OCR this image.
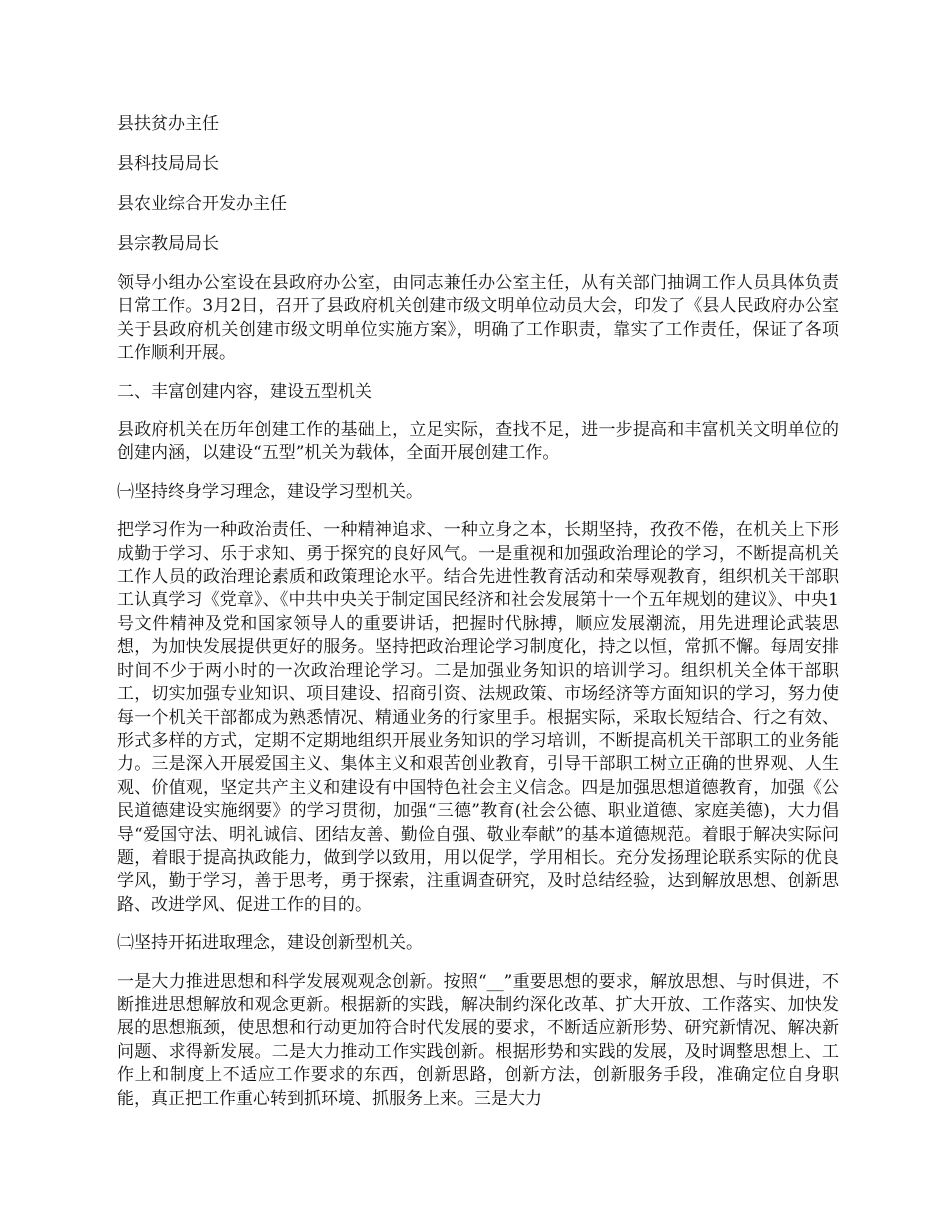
县扶贫办主任
县科技局局长
县农业综合开发办主任
县宗教局局长

领导小组办公室设在县政府办公室，由同志兼任办公室主任，从有关部门抽调工作人员具体负责日常工作。3月2日，召开了县政府机关创建市级文明单位动员大会，印发了《县人民政府办公室关于县政府机关创建市级文明单位实施方案》，明确了工作职责，靠实了工作责任，保证了各项工作顺利开展。

二、丰富创建内容，建设五型机关

县政府机关在历年创建工作的基础上，立足实际，查找不足，进一步提高和丰富机关文明单位的创建内涵，以建设“五型”机关为载体，全面开展创建工作。

㈠坚持终身学习理念，建设学习型机关。

把学习作为一种政治责任、一种精神追求、一种立身之本，长期坚持，孜孜不倦，在机关上下形成勤于学习、乐于求知、勇于探究的良好风气。一是重视和加强政治理论的学习，不断提高机关工作人员的政治理论素质和政策理论水平。结合先进性教育活动和荣辱观教育，组织机关干部职工认真学习《党章》、《中共中央关于制定国民经济和社会发展第十一个五年规划的建议》、中央1号文件精神及党和国家领导人的重要讲话，把握时代脉搏，顺应发展潮流，用先进理论武装思想，为加快发展提供更好的服务。坚持把政治理论学习制度化，持之以恒，常抓不懈。每周安排时间不少于两小时的一次政治理论学习。二是加强业务知识的培训学习。组织机关全体干部职工，切实加强专业知识、项目建设、招商引资、法规政策、市场经济等方面知识的学习，努力使每一个机关干部都成为熟悉情况、精通业务的行家里手。根据实际，采取长短结合、行之有效、形式多样的方式，定期不定期地组织开展业务知识的学习培训，不断提高机关干部职工的业务能力。三是深入开展爱国主义、集体主义和艰苦创业教育，引导干部职工树立正确的世界观、人生观、价值观，坚定共产主义和建设有中国特色社会主义信念。四是加强思想道德教育，加强《公民道德建设实施纲要》的学习贯彻，加强“三德”教育(社会公德、职业道德、家庭美德)，大力倡导“爱国守法、明礼诚信、团结友善、勤俭自强、敬业奉献”的基本道德规范。着眼于解决实际问题，着眼于提高执政能力，做到学以致用，用以促学，学用相长。充分发扬理论联系实际的优良学风，勤于学习，善于思考，勇于探索，注重调查研究，及时总结经验，达到解放思想、创新思路、改进学风、促进工作的目的。

㈡坚持开拓进取理念，建设创新型机关。

一是大力推进思想和科学发展观观念创新。按照“__”重要思想的要求，解放思想、与时俱进，不断推进思想解放和观念更新。根据新的实践，解决制约深化改革、扩大开放、工作落实、加快发展的思想瓶颈，使思想和行动更加符合时代发展的要求，不断适应新形势、研究新情况、解决新问题、求得新发展。二是大力推动工作实践创新。根据形势和实践的发展，及时调整思想上、工作上和制度上不适应工作要求的东西，创新思路，创新方法，创新服务手段，准确定位自身职能，真正把工作重心转到抓环境、抓服务上来。三是大力
